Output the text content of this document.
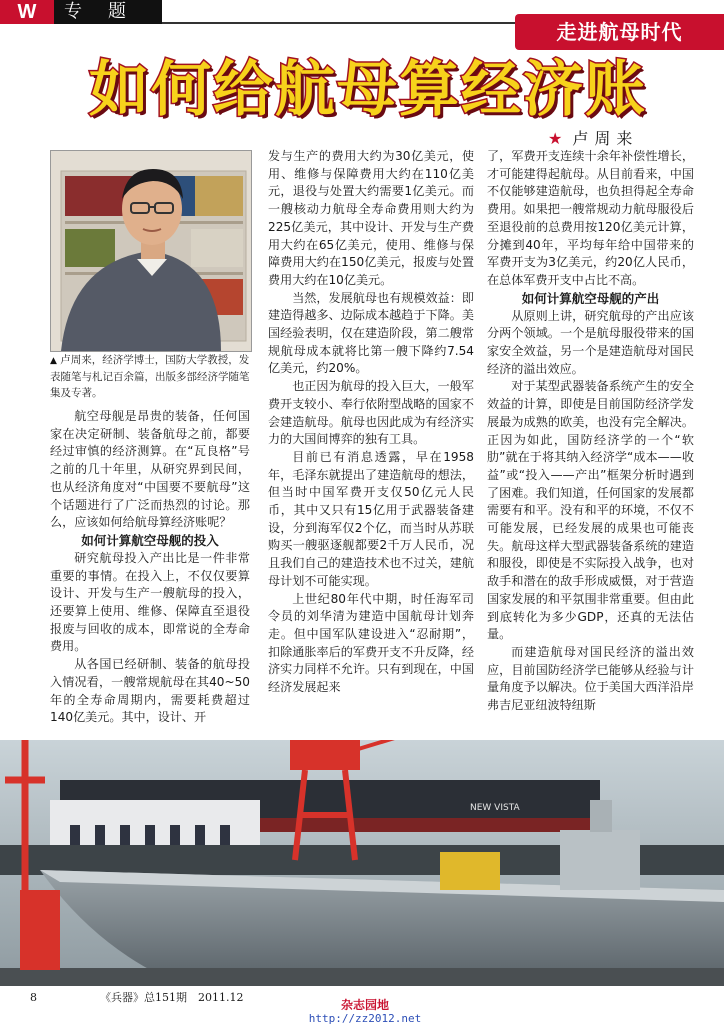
W	专题
走进航母时代
如何给航母算经济账
★ 卢周来
▲ 卢周来，经济学博士，国防大学教授，发表随笔与札记百余篇，出版多部经济学随笔集及专著。

航空母舰是昂贵的装备，任何国家在决定研制、装备航母之前，都要经过审慎的经济测算。在“瓦良格”号之前的几十年里，从研究界到民间，也从经济角度对“中国要不要航母”这个话题进行了广泛而热烈的讨论。那么，应该如何给航母算经济账呢？

如何计算航空母舰的投入

研究航母投入产出比是一件非常重要的事情。在投入上，不仅仅要算设计、开发与生产一艘航母的投入，还要算上使用、维修、保障直至退役报废与回收的成本，即常说的全寿命费用。

从各国已经研制、装备的航母投入情况看，一艘常规航母在其40~50年的全寿命周期内，需要耗费超过140亿美元。其中，设计、开

发与生产的费用大约为30亿美元，使用、维修与保障费用大约在110亿美元，退役与处置大约需要1亿美元。而一艘核动力航母全寿命费用则大约为225亿美元，其中设计、开发与生产费用大约在65亿美元，使用、维修与保障费用大约在150亿美元，报废与处置费用大约在10亿美元。

当然，发展航母也有规模效益：即建造得越多、边际成本越趋于下降。美国经验表明，仅在建造阶段，第二艘常规航母成本就将比第一艘下降约7.54亿美元，约20%。

也正因为航母的投入巨大，一般军费开支较小、奉行依附型战略的国家不会建造航母。航母也因此成为有经济实力的大国间博弈的独有工具。

目前已有消息透露，早在1958年，毛泽东就提出了建造航母的想法，但当时中国军费开支仅50亿元人民币，其中又只有15亿用于武器装备建设，分到海军仅2个亿，而当时从苏联购买一艘驱逐舰都要2千万人民币，况且我们自己的建造技术也不过关，建航母计划不可能实现。

上世纪80年代中期，时任海军司令员的刘华清为建造中国航母计划奔走。但中国军队建设进入“忍耐期”，扣除通胀率后的军费开支不升反降，经济实力同样不允许。只有到现在，中国经济发展起来

了，军费开支连续十余年补偿性增长，才可能建得起航母。从目前看来，中国不仅能够建造航母，也负担得起全寿命费用。如果把一艘常规动力航母服役后至退役前的总费用按120亿美元计算，分摊到40年，平均每年给中国带来的军费开支为3亿美元，约20亿人民币，在总体军费开支中占比不高。

如何计算航空母舰的产出

从原则上讲，研究航母的产出应该分两个领域。一个是航母服役带来的国家安全效益，另一个是建造航母对国民经济的溢出效应。

对于某型武器装备系统产生的安全效益的计算，即使是目前国防经济学发展最为成熟的欧美，也没有完全解决。正因为如此，国防经济学的一个“软肋”就在于将其纳入经济学“成本——收益”或“投入——产出”框架分析时遇到了困难。我们知道，任何国家的发展都需要有和平。没有和平的环境，不仅不可能发展，已经发展的成果也可能丧失。航母这样大型武器装备系统的建造和服役，即使是不实际投入战争，也对敌手和潜在的敌手形成威慑，对于营造国家发展的和平氛围非常重要。但由此到底转化为多少GDP，还真的无法估量。

而建造航母对国民经济的溢出效应，目前国防经济学已能够从经验与计量角度予以解决。位于美国大西洋沿岸弗吉尼亚纽波特纽斯

NEW VISTA
8	《兵器》总151期　2011.12
杂志园地
http://zz2012.net
